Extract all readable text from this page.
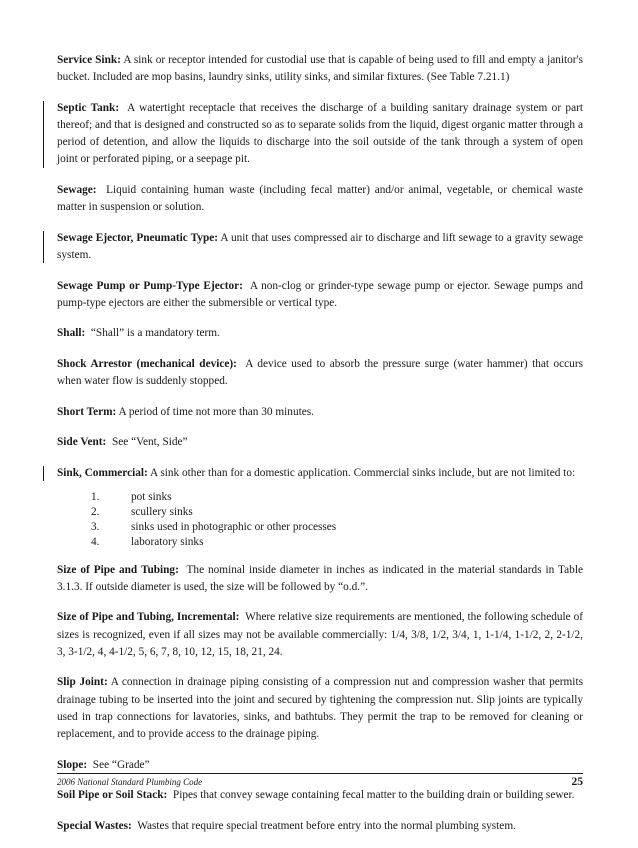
Service Sink: A sink or receptor intended for custodial use that is capable of being used to fill and empty a janitor's bucket. Included are mop basins, laundry sinks, utility sinks, and similar fixtures. (See Table 7.21.1)

Septic Tank: A watertight receptacle that receives the discharge of a building sanitary drainage system or part thereof; and that is designed and constructed so as to separate solids from the liquid, digest organic matter through a period of detention, and allow the liquids to discharge into the soil outside of the tank through a system of open joint or perforated piping, or a seepage pit.

Sewage: Liquid containing human waste (including fecal matter) and/or animal, vegetable, or chemical waste matter in suspension or solution.

Sewage Ejector, Pneumatic Type: A unit that uses compressed air to discharge and lift sewage to a gravity sewage system.

Sewage Pump or Pump-Type Ejector: A non-clog or grinder-type sewage pump or ejector. Sewage pumps and pump-type ejectors are either the submersible or vertical type.

Shall: “Shall” is a mandatory term.

Shock Arrestor (mechanical device): A device used to absorb the pressure surge (water hammer) that occurs when water flow is suddenly stopped.

Short Term: A period of time not more than 30 minutes.

Side Vent: See “Vent, Side”

Sink, Commercial: A sink other than for a domestic application. Commercial sinks include, but are not limited to:

1.	pot sinks
2.	scullery sinks
3.	sinks used in photographic or other processes
4.	laboratory sinks

Size of Pipe and Tubing: The nominal inside diameter in inches as indicated in the material standards in Table 3.1.3. If outside diameter is used, the size will be followed by “o.d.”.

Size of Pipe and Tubing, Incremental: Where relative size requirements are mentioned, the following schedule of sizes is recognized, even if all sizes may not be available commercially: 1/4, 3/8, 1/2, 3/4, 1, 1-1/4, 1-1/2, 2, 2-1/2, 3, 3-1/2, 4, 4-1/2, 5, 6, 7, 8, 10, 12, 15, 18, 21, 24.

Slip Joint: A connection in drainage piping consisting of a compression nut and compression washer that permits drainage tubing to be inserted into the joint and secured by tightening the compression nut. Slip joints are typically used in trap connections for lavatories, sinks, and bathtubs. They permit the trap to be removed for cleaning or replacement, and to provide access to the drainage piping.

Slope: See “Grade”

Soil Pipe or Soil Stack: Pipes that convey sewage containing fecal matter to the building drain or building sewer.

Special Wastes: Wastes that require special treatment before entry into the normal plumbing system.

2006 National Standard Plumbing Code	25
